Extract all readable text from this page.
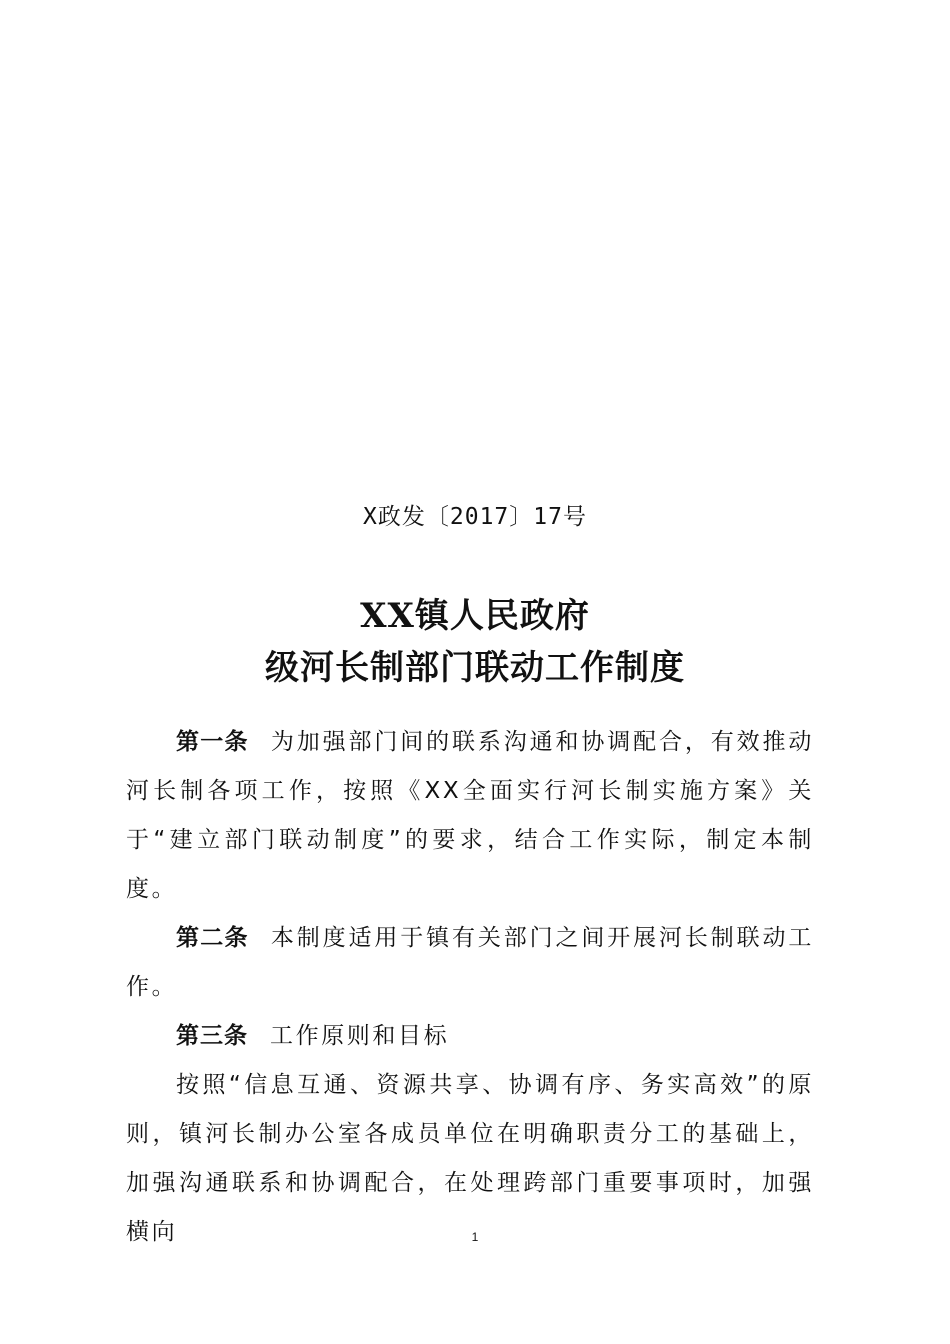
X政发〔2017〕17号
XX镇人民政府
级河长制部门联动工作制度

第一条 为加强部门间的联系沟通和协调配合，有效推动河长制各项工作，按照《XX全面实行河长制实施方案》关于“建立部门联动制度”的要求，结合工作实际，制定本制度。

第二条 本制度适用于镇有关部门之间开展河长制联动工作。

第三条 工作原则和目标

按照“信息互通、资源共享、协调有序、务实高效”的原则，镇河长制办公室各成员单位在明确职责分工的基础上，加强沟通联系和协调配合，在处理跨部门重要事项时，加强横向	1
